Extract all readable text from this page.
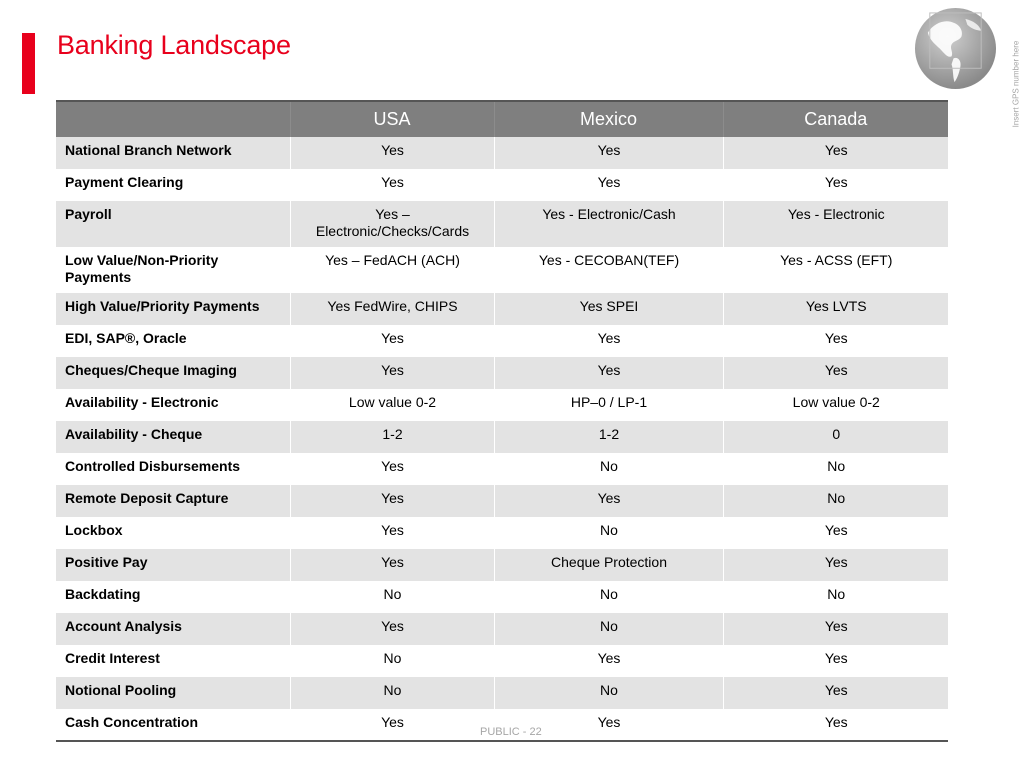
Banking Landscape	Insert GPS number here
	USA	Mexico	Canada
National Branch Network	Yes	Yes	Yes
Payment Clearing	Yes	Yes	Yes
Payroll	Yes – Electronic/Checks/Cards	Yes - Electronic/Cash	Yes - Electronic
Low Value/Non-Priority Payments	Yes – FedACH (ACH)	Yes - CECOBAN(TEF)	Yes - ACSS (EFT)
High Value/Priority Payments	Yes FedWire, CHIPS	Yes SPEI	Yes LVTS
EDI, SAP®, Oracle	Yes	Yes	Yes
Cheques/Cheque Imaging	Yes	Yes	Yes
Availability - Electronic	Low value 0-2	HP–0 / LP-1	Low value 0-2
Availability - Cheque	1-2	1-2	0
Controlled Disbursements	Yes	No	No
Remote Deposit Capture	Yes	Yes	No
Lockbox	Yes	No	Yes
Positive Pay	Yes	Cheque Protection	Yes
Backdating	No	No	No
Account Analysis	Yes	No	Yes
Credit Interest	No	Yes	Yes
Notional Pooling	No	No	Yes
Cash Concentration	Yes	Yes	Yes
PUBLIC - 22
